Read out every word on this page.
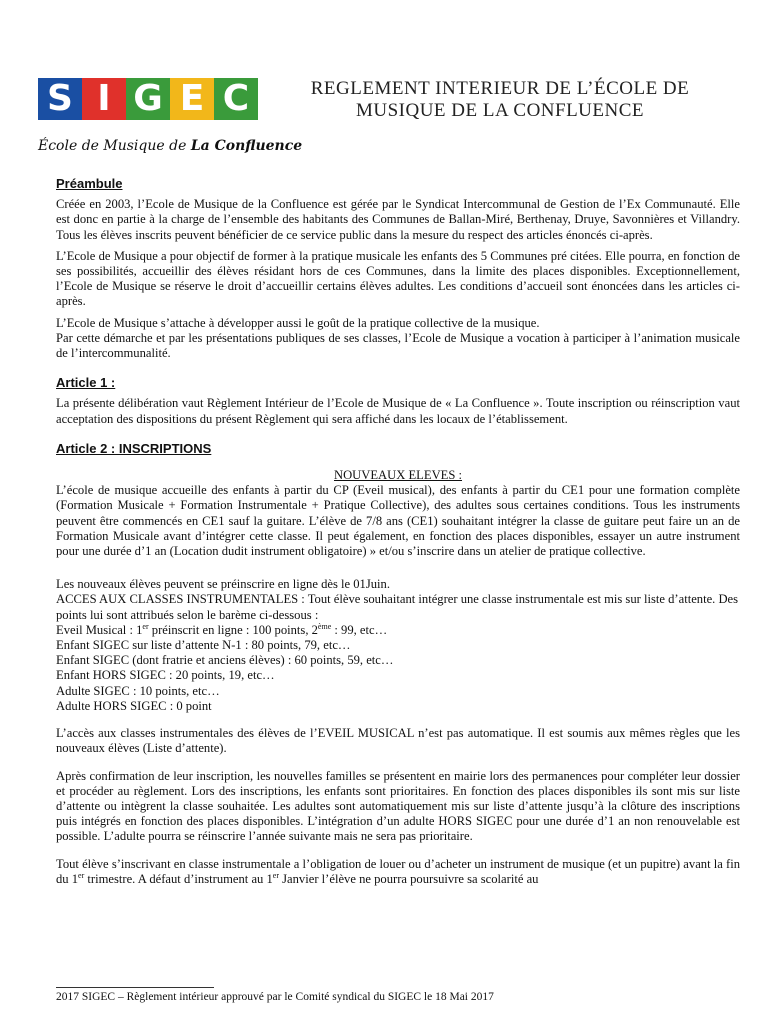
S I G E C
École de Musique de La Confluence
REGLEMENT INTERIEUR DE L’ÉCOLE DE
MUSIQUE DE LA CONFLUENCE
Préambule

Créée en 2003, l’Ecole de Musique de la Confluence est gérée par le Syndicat Intercommunal de Gestion de l’Ex Communauté. Elle est donc en partie à la charge de l’ensemble des habitants des Communes de Ballan-Miré, Berthenay, Druye, Savonnières et Villandry. Tous les élèves inscrits peuvent bénéficier de ce service public dans la mesure du respect des articles énoncés ci-après.

L’Ecole de Musique a pour objectif de former à la pratique musicale les enfants des 5 Communes pré citées. Elle pourra, en fonction de ses possibilités, accueillir des élèves résidant hors de ces Communes, dans la limite des places disponibles. Exceptionnellement, l’Ecole de Musique se réserve le droit d’accueillir certains élèves adultes. Les conditions d’accueil sont énoncées dans les articles ci-après.

L’Ecole de Musique s’attache à développer aussi le goût de la pratique collective de la musique.

Par cette démarche et par les présentations publiques de ses classes, l’Ecole de Musique a vocation à participer à l’animation musicale de l’intercommunalité.

Article 1 :

La présente délibération vaut Règlement Intérieur de l’Ecole de Musique de « La Confluence ». Toute inscription ou réinscription vaut acceptation des dispositions du présent Règlement qui sera affiché dans les locaux de l’établissement.

Article 2 : INSCRIPTIONS

NOUVEAUX ELEVES :

L’école de musique accueille des enfants à partir du CP (Eveil musical), des enfants à partir du CE1 pour une formation complète (Formation Musicale + Formation Instrumentale + Pratique Collective), des adultes sous certaines conditions. Tous les instruments peuvent être commencés en CE1 sauf la guitare. L’élève de 7/8 ans (CE1) souhaitant intégrer la classe de guitare peut faire un an de Formation Musicale avant d’intégrer cette classe. Il peut également, en fonction des places disponibles, essayer un autre instrument pour une durée d’1 an (Location dudit instrument obligatoire) » et/ou s’inscrire dans un atelier de pratique collective.

Les nouveaux élèves peuvent se préinscrire en ligne dès le 01Juin.
ACCES AUX CLASSES INSTRUMENTALES : Tout élève souhaitant intégrer une classe instrumentale est mis sur liste d’attente. Des points lui sont attribués selon le barème ci-dessous :
Eveil Musical : 1er préinscrit en ligne : 100 points, 2ème : 99, etc…
Enfant SIGEC sur liste d’attente N-1 : 80 points, 79, etc…
Enfant SIGEC (dont fratrie et anciens élèves) : 60 points, 59, etc…
Enfant HORS SIGEC : 20 points, 19, etc…
Adulte SIGEC : 10 points, etc…
Adulte HORS SIGEC : 0 point

L’accès aux classes instrumentales des élèves de l’EVEIL MUSICAL n’est pas automatique. Il est soumis aux mêmes règles que les nouveaux élèves (Liste d’attente).

Après confirmation de leur inscription, les nouvelles familles se présentent en mairie lors des permanences pour compléter leur dossier et procéder au règlement. Lors des inscriptions, les enfants sont prioritaires. En fonction des places disponibles ils sont mis sur liste d’attente ou intègrent la classe souhaitée. Les adultes sont automatiquement mis sur liste d’attente jusqu’à la clôture des inscriptions puis intégrés en fonction des places disponibles. L’intégration d’un adulte HORS SIGEC pour une durée d’1 an non renouvelable est possible. L’adulte pourra se réinscrire l’année suivante mais ne sera pas prioritaire.

Tout élève s’inscrivant en classe instrumentale a l’obligation de louer ou d’acheter un instrument de musique (et un pupitre) avant la fin du 1er trimestre. A défaut d’instrument au 1er Janvier l’élève ne pourra poursuivre sa scolarité au

2017 SIGEC – Règlement intérieur approuvé par le Comité syndical du SIGEC le 18 Mai 2017
